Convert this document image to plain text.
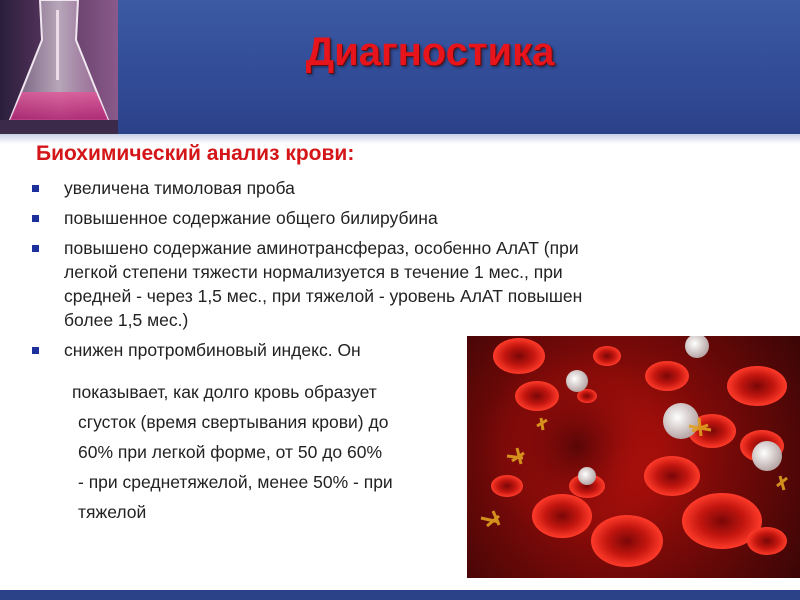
Диагностика
Биохимический анализ крови:
увеличена тимоловая проба
повышенное содержание общего билирубина
повышено содержание аминотрансфераз, особенно АлАТ (при
легкой степени тяжести нормализуется в течение 1 мес., при
средней - через 1,5 мес., при тяжелой - уровень АлАТ повышен
более 1,5 мес.)
снижен протромбиновый индекс. Он
показывает, как долго кровь образует
сгусток (время свертывания крови) до
60% при легкой форме, от 50 до 60%
- при среднетяжелой, менее 50% - при
тяжелой
